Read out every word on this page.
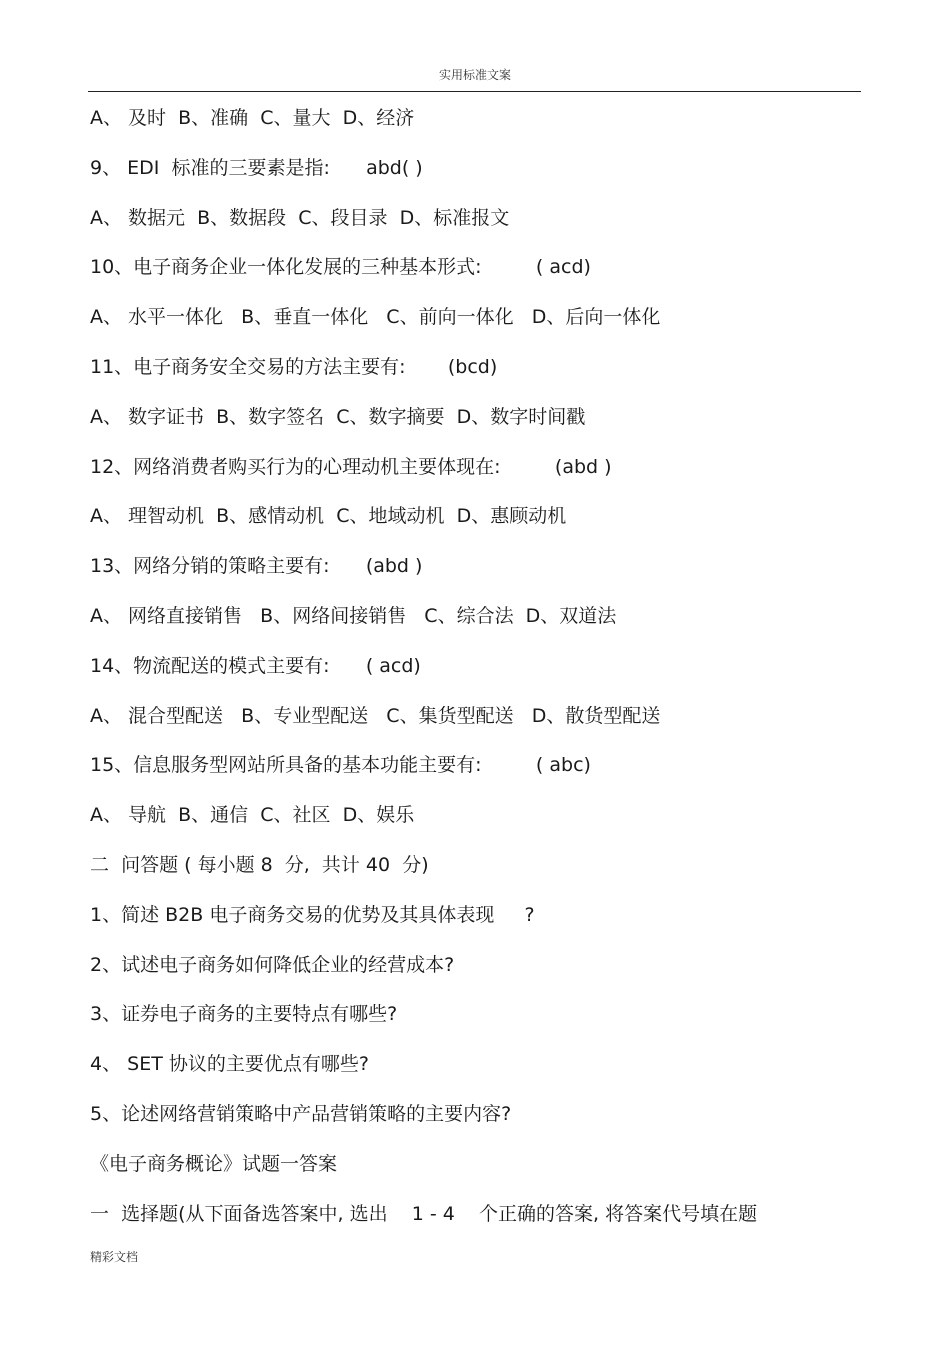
实用标准文案
A、 及时  B、准确  C、量大  D、经济
9、 EDI  标准的三要素是指:      abd( )
A、 数据元  B、数据段  C、段目录  D、标准报文
10、电子商务企业一体化发展的三种基本形式:         ( acd)
A、 水平一体化   B、垂直一体化   C、前向一体化   D、后向一体化
11、电子商务安全交易的方法主要有:       (bcd)
A、 数字证书  B、数字签名  C、数字摘要  D、数字时间戳
12、网络消费者购买行为的心理动机主要体现在:         (abd )
A、 理智动机  B、感情动机  C、地域动机  D、惠顾动机
13、网络分销的策略主要有:      (abd )
A、 网络直接销售   B、网络间接销售   C、综合法  D、双道法
14、物流配送的模式主要有:      ( acd)
A、 混合型配送   B、专业型配送   C、集货型配送   D、散货型配送
15、信息服务型网站所具备的基本功能主要有:         ( abc)
A、 导航  B、通信  C、社区  D、娱乐
二  问答题 ( 每小题 8  分,  共计 40  分)
1、简述 B2B 电子商务交易的优势及其具体表现     ?
2、试述电子商务如何降低企业的经营成本?
3、证券电子商务的主要特点有哪些?
4、 SET 协议的主要优点有哪些?
5、论述网络营销策略中产品营销策略的主要内容?
《电子商务概论》试题一答案
一  选择题(从下面备选答案中, 选出    1 - 4    个正确的答案, 将答案代号填在题
精彩文档
